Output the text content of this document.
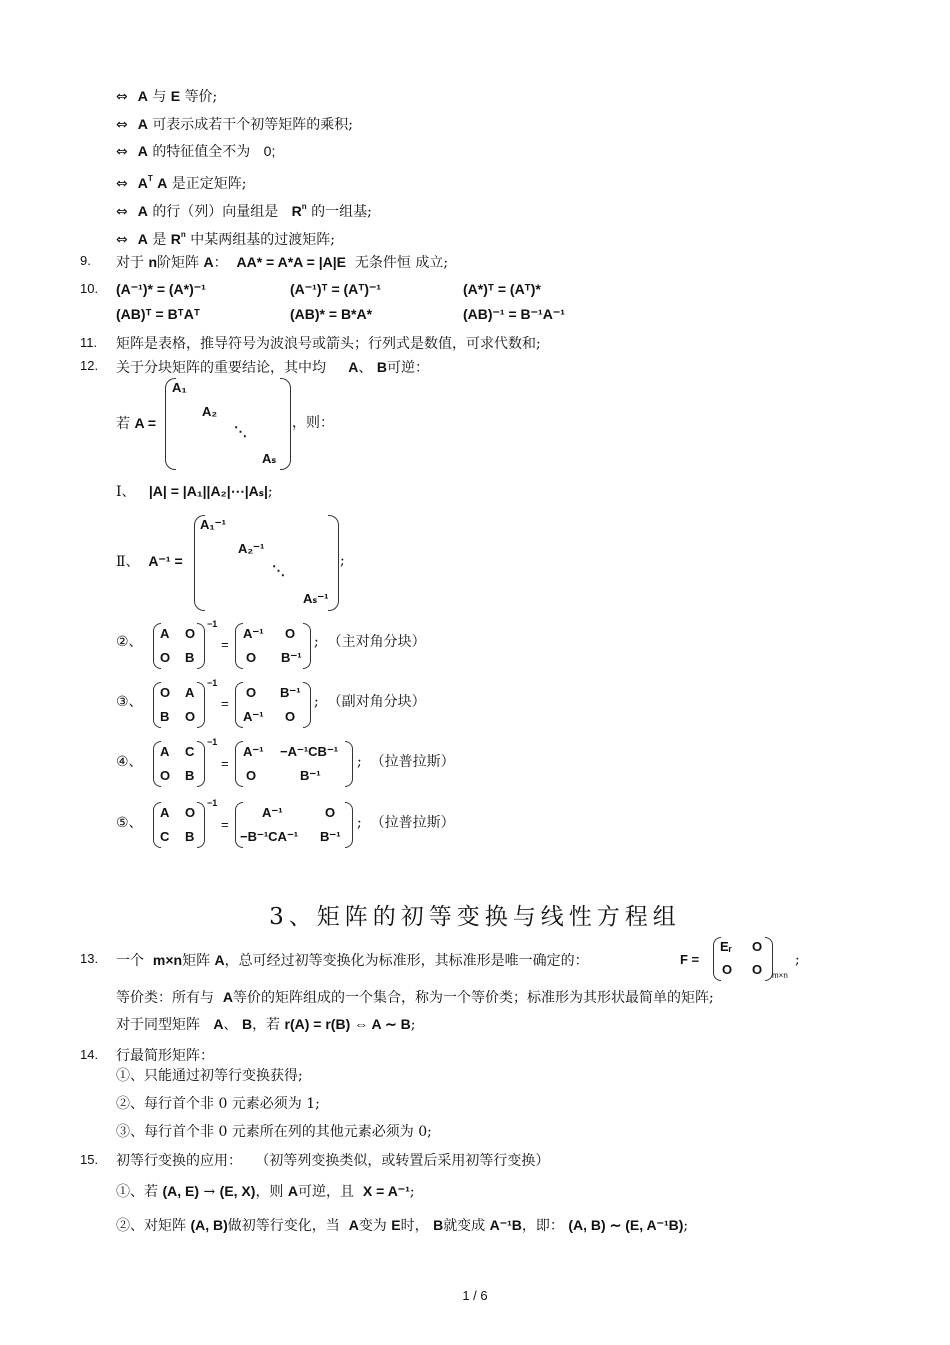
⇔ A 与 E 等价;
⇔ A 可表示成若干个初等矩阵的乘积;
⇔ A 的特征值全不为 0;
⇔ $A^T$ A 是正定矩阵;
⇔ A 的行（列）向量组是 $R^n$ 的一组基;
⇔ A 是 $R^n$ 中某两组基的过渡矩阵;
9. 对于 n阶矩阵 A： AA* = A*A = |A|E 无条件恒 成立;
10. (A⁻¹)* = (A*)⁻¹	(A⁻¹)ᵀ = (Aᵀ)⁻¹	(A*)ᵀ = (Aᵀ)*
(AB)ᵀ = BᵀAᵀ	(AB)* = B*A*	(AB)⁻¹ = B⁻¹A⁻¹
11. 矩阵是表格，推导符号为波浪号或箭头；行列式是数值，可求代数和;
12. 关于分块矩阵的重要结论，其中均 A、 B可逆：
若 A =
A₁
A₂
⋱
Aₛ
，则：
Ⅰ、 |A| = |A₁||A₂|⋯|Aₛ|;
Ⅱ、 A⁻¹ =
A₁⁻¹
A₂⁻¹
⋱
Aₛ⁻¹
;
②、
A O
O B
−1
=
A⁻¹ O
O B⁻¹
; （主对角分块）
③、
O A
B O
−1
=
O B⁻¹
A⁻¹ O
; （副对角分块）
④、
A C
O B
−1
=
A⁻¹ −A⁻¹CB⁻¹
O	B⁻¹
; （拉普拉斯）
⑤、
A O
C B
−1
=
A⁻¹	O
−B⁻¹CA⁻¹ B⁻¹
; （拉普拉斯）
3、矩阵的初等变换与线性方程组
13. 一个 m×n矩阵 A，总可经过初等变换化为标准形，其标准形是唯一确定的：	F =
Eᵣ O
O O m×n
;
等价类：所有与 A等价的矩阵组成的一个集合，称为一个等价类；标准形为其形状最简单的矩阵;
对于同型矩阵 A、 B，若 r(A) = r(B) ⇔ A ∼ B;
14. 行最简形矩阵：
①、只能通过初等行变换获得;
②、每行首个非 0 元素必须为 1;
③、每行首个非 0 元素所在列的其他元素必须为 0;
15. 初等行变换的应用： （初等列变换类似，或转置后采用初等行变换）
①、若 (A, E) → (E, X)，则 A可逆，且 X = A⁻¹;
②、对矩阵 (A, B)做初等行变化，当 A变为 E时， B就变成 A⁻¹B，即： (A, B) ∼ (E, A⁻¹B);
1 / 6
